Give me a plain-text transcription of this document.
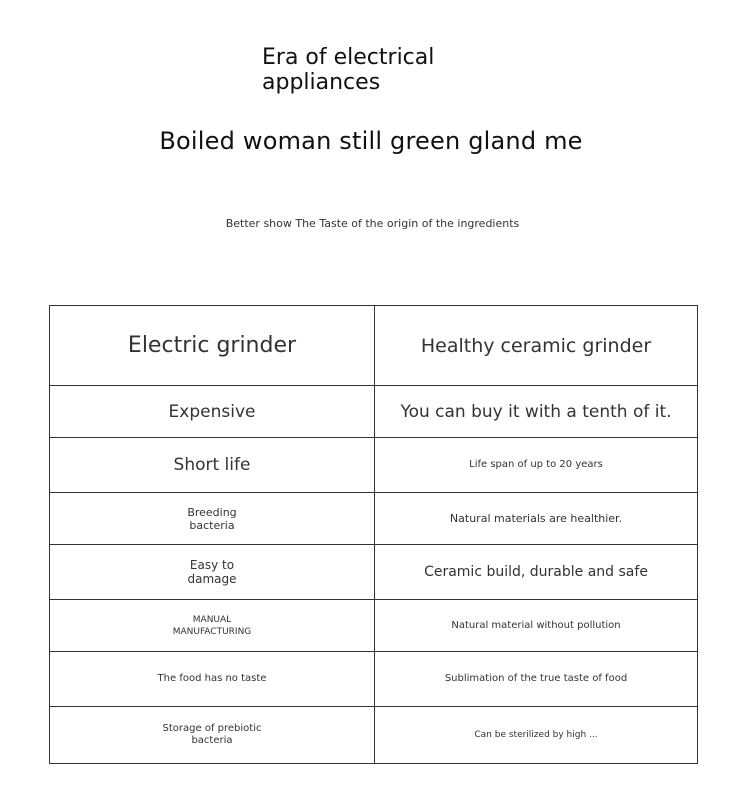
Era of electrical
appliances
Boiled woman still green gland me
Better show The Taste of the origin of the ingredients
Electric grinder	Healthy ceramic grinder
Expensive	You can buy it with a tenth of it.
Short life	Life span of up to 20 years
Breeding
bacteria	Natural materials are healthier.
Easy to
damage	Ceramic build, durable and safe
MANUAL
MANUFACTURING	Natural material without pollution
The food has no taste	Sublimation of the true taste of food
Storage of prebiotic
bacteria	Can be sterilized by high ...
